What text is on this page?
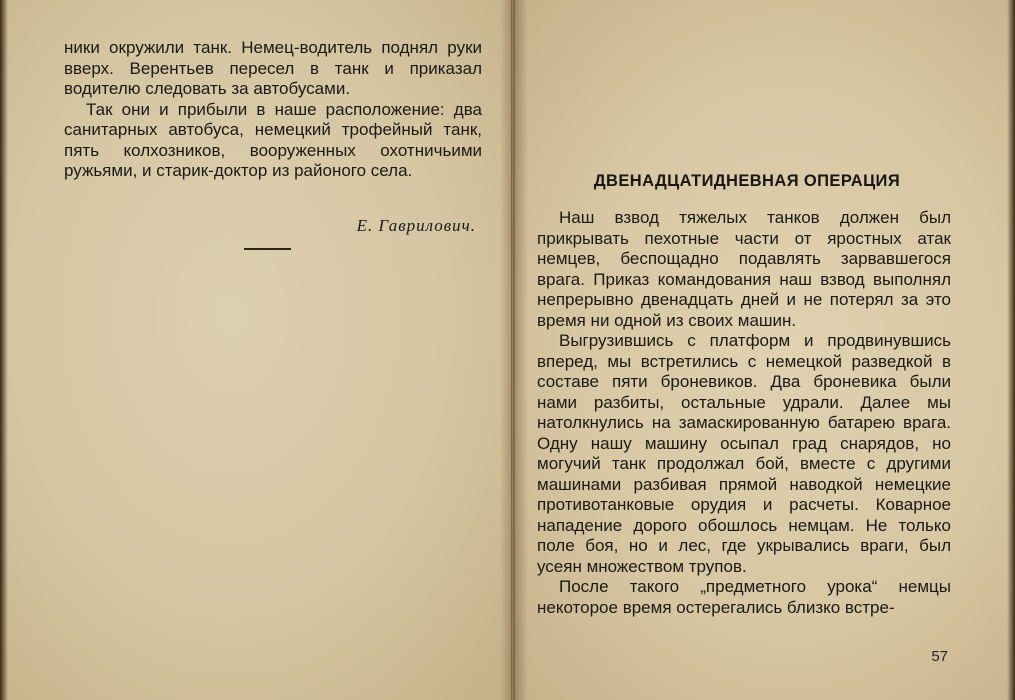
ники окружили танк. Немец-водитель поднял руки вверх. Верентьев пересел в танк и приказал водителю следовать за автобусами.

Так они и прибыли в наше расположение: два санитарных автобуса, немецкий трофейный танк, пять колхозников, вооруженных охотничьими ружьями, и старик-доктор из районого села.

Е. Гаврилович.
ДВЕНАДЦАТИДНЕВНАЯ ОПЕРАЦИЯ

Наш взвод тяжелых танков должен был прикрывать пехотные части от яростных атак немцев, беспощадно подавлять зарвавшегося врага. Приказ командования наш взвод выполнял непрерывно двенадцать дней и не потерял за это время ни одной из своих машин.

Выгрузившись с платформ и продвинувшись вперед, мы встретились с немецкой разведкой в составе пяти броневиков. Два броневика были нами разбиты, остальные удрали. Далее мы натолкнулись на замаскированную батарею врага. Одну нашу машину осыпал град снарядов, но могучий танк продолжал бой, вместе с другими машинами разбивая прямой наводкой немецкие противотанковые орудия и расчеты. Коварное нападение дорого обошлось немцам. Не только поле боя, но и лес, где укрывались враги, был усеян множеством трупов.

После такого „предметного урока“ немцы некоторое время остерегались близко встре-

57
